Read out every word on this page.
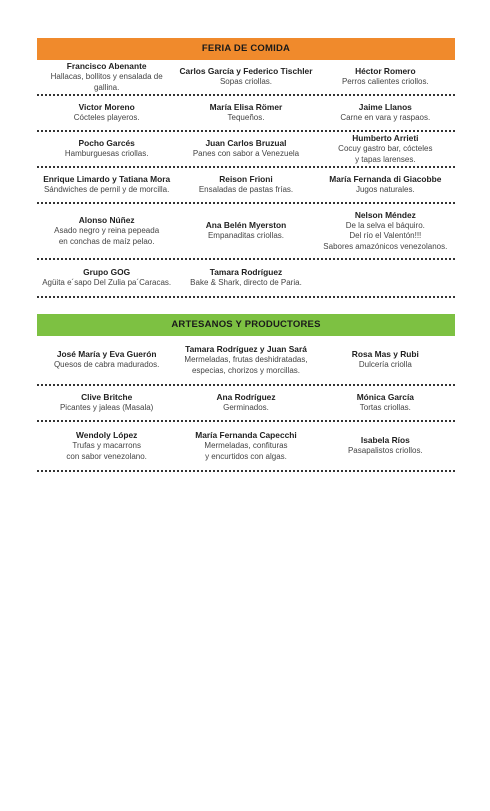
FERIA DE COMIDA
Francisco Abenante
Hallacas, bollitos y ensalada de gallina.
Carlos García y Federico Tischler
Sopas criollas.
Héctor Romero
Perros calientes criollos.
Victor Moreno
Cócteles playeros.
María Elisa Römer
Tequeños.
Jaime Llanos
Carne en vara y raspaos.
Pocho Garcés
Hamburguesas criollas.
Juan Carlos Bruzual
Panes con sabor a Venezuela
Humberto Arrieti
Cocuy gastro bar, cócteles
y tapas larenses.
Enrique Limardo y Tatiana Mora
Sándwiches de pernil y de morcilla.
Reison Frioni
Ensaladas de pastas frías.
María Fernanda di Giacobbe
Jugos naturales.
Alonso Núñez
Asado negro y reina pepeada
en conchas de maíz pelao.
Ana Belén Myerston
Empanaditas criollas.
Nelson Méndez
De la selva el báquiro.
Del río el Valentón!!!
Sabores amazónicos venezolanos.
Grupo GOG
Agüita e´sapo Del Zulia pa´Caracas.
Tamara Rodríguez
Bake & Shark, directo de Paria.
ARTESANOS Y PRODUCTORES
José María y Eva Guerón
Quesos de cabra madurados.
Tamara Rodríguez y Juan Sará
Mermeladas, frutas deshidratadas,
especias, chorizos y morcillas.
Rosa Mas y Rubi
Dulcería criolla
Clive Britche
Picantes y jaleas (Masala)
Ana Rodríguez
Germinados.
Mónica García
Tortas criollas.
Wendoly López
Trufas y macarrons
con sabor venezolano.
María Fernanda Capecchi
Mermeladas, confituras
y encurtidos con algas.
Isabela Ríos
Pasapalistos criollos.
